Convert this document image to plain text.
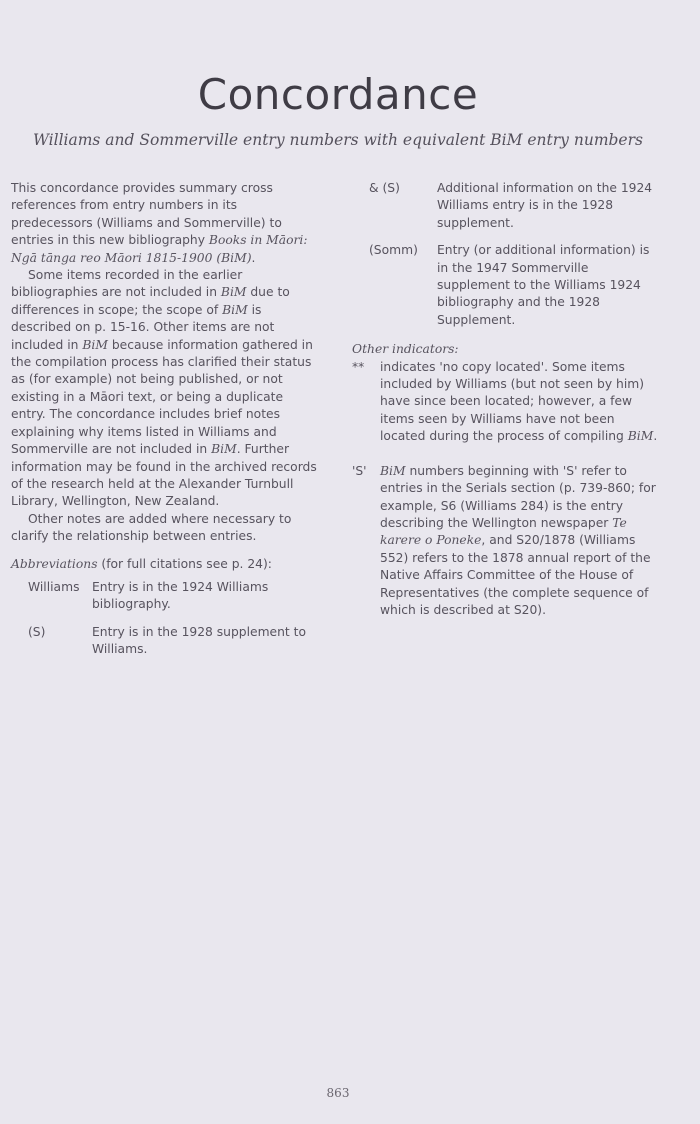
Concordance
Williams and Sommerville entry numbers with equivalent BiM entry numbers

This concordance provides summary cross references from entry numbers in its predecessors (Williams and Sommerville) to entries in this new bibliography Books in Māori: Ngā tānga reo Māori 1815-1900 (BiM).

Some items recorded in the earlier bibliographies are not included in BiM due to differences in scope; the scope of BiM is described on p. 15-16. Other items are not included in BiM because information gathered in the compilation process has clarified their status as (for example) not being published, or not existing in a Māori text, or being a duplicate entry. The concordance includes brief notes explaining why items listed in Williams and Sommerville are not included in BiM. Further information may be found in the archived records of the research held at the Alexander Turnbull Library, Wellington, New Zealand.

Other notes are added where necessary to clarify the relationship between entries.

Abbreviations (for full citations see p. 24):

Williams	Entry is in the 1924 Williams bibliography.
(S)	Entry is in the 1928 supplement to Williams.
& (S)	Additional information on the 1924 Williams entry is in the 1928 supplement.
(Somm)	Entry (or additional information) is in the 1947 Sommerville supplement to the Williams 1924 bibliography and the 1928 Supplement.

Other indicators:

**	indicates 'no copy located'. Some items included by Williams (but not seen by him) have since been located; however, a few items seen by Williams have not been located during the process of compiling BiM.
'S'	BiM numbers beginning with 'S' refer to entries in the Serials section (p. 739-860; for example, S6 (Williams 284) is the entry describing the Wellington newspaper Te karere o Poneke, and S20/1878 (Williams 552) refers to the 1878 annual report of the Native Affairs Committee of the House of Representatives (the complete sequence of which is described at S20).
863
